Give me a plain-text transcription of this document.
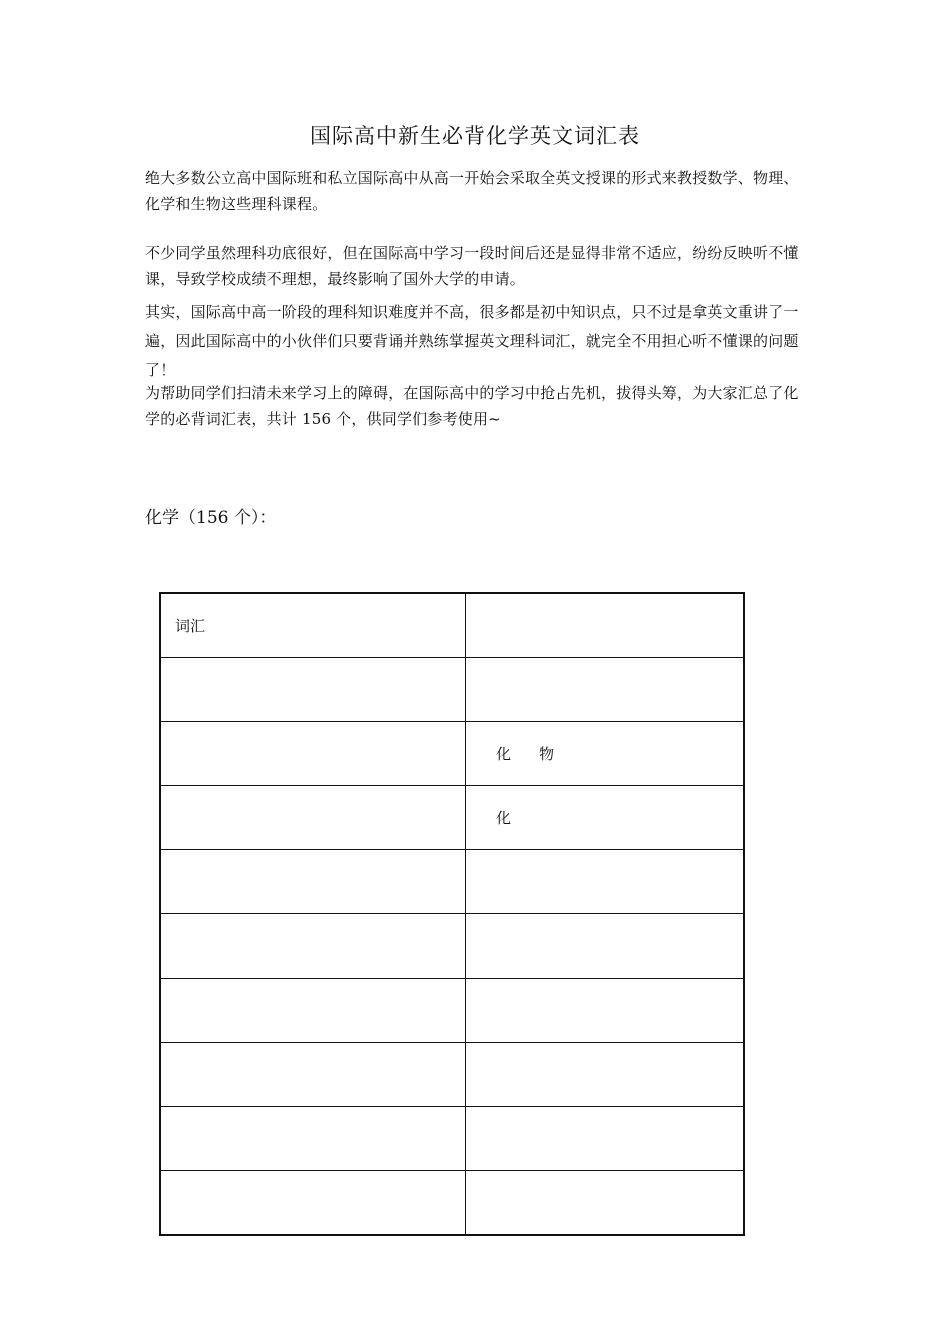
国际高中新生必背化学英文词汇表

绝大多数公立高中国际班和私立国际高中从高一开始会采取全英文授课的形式来教授数学、物理、化学和生物这些理科课程。

不少同学虽然理科功底很好，但在国际高中学习一段时间后还是显得非常不适应，纷纷反映听不懂课，导致学校成绩不理想，最终影响了国外大学的申请。

其实，国际高中高一阶段的理科知识难度并不高，很多都是初中知识点，只不过是拿英文重讲了一遍，因此国际高中的小伙伴们只要背诵并熟练掌握英文理科词汇，就完全不用担心听不懂课的问题了！

为帮助同学们扫清未来学习上的障碍，在国际高中的学习中抢占先机，拔得头筹，为大家汇总了化学的必背词汇表，共计 156 个，供同学们参考使用~

化学（156 个）：
词汇	

	化 物
	化
